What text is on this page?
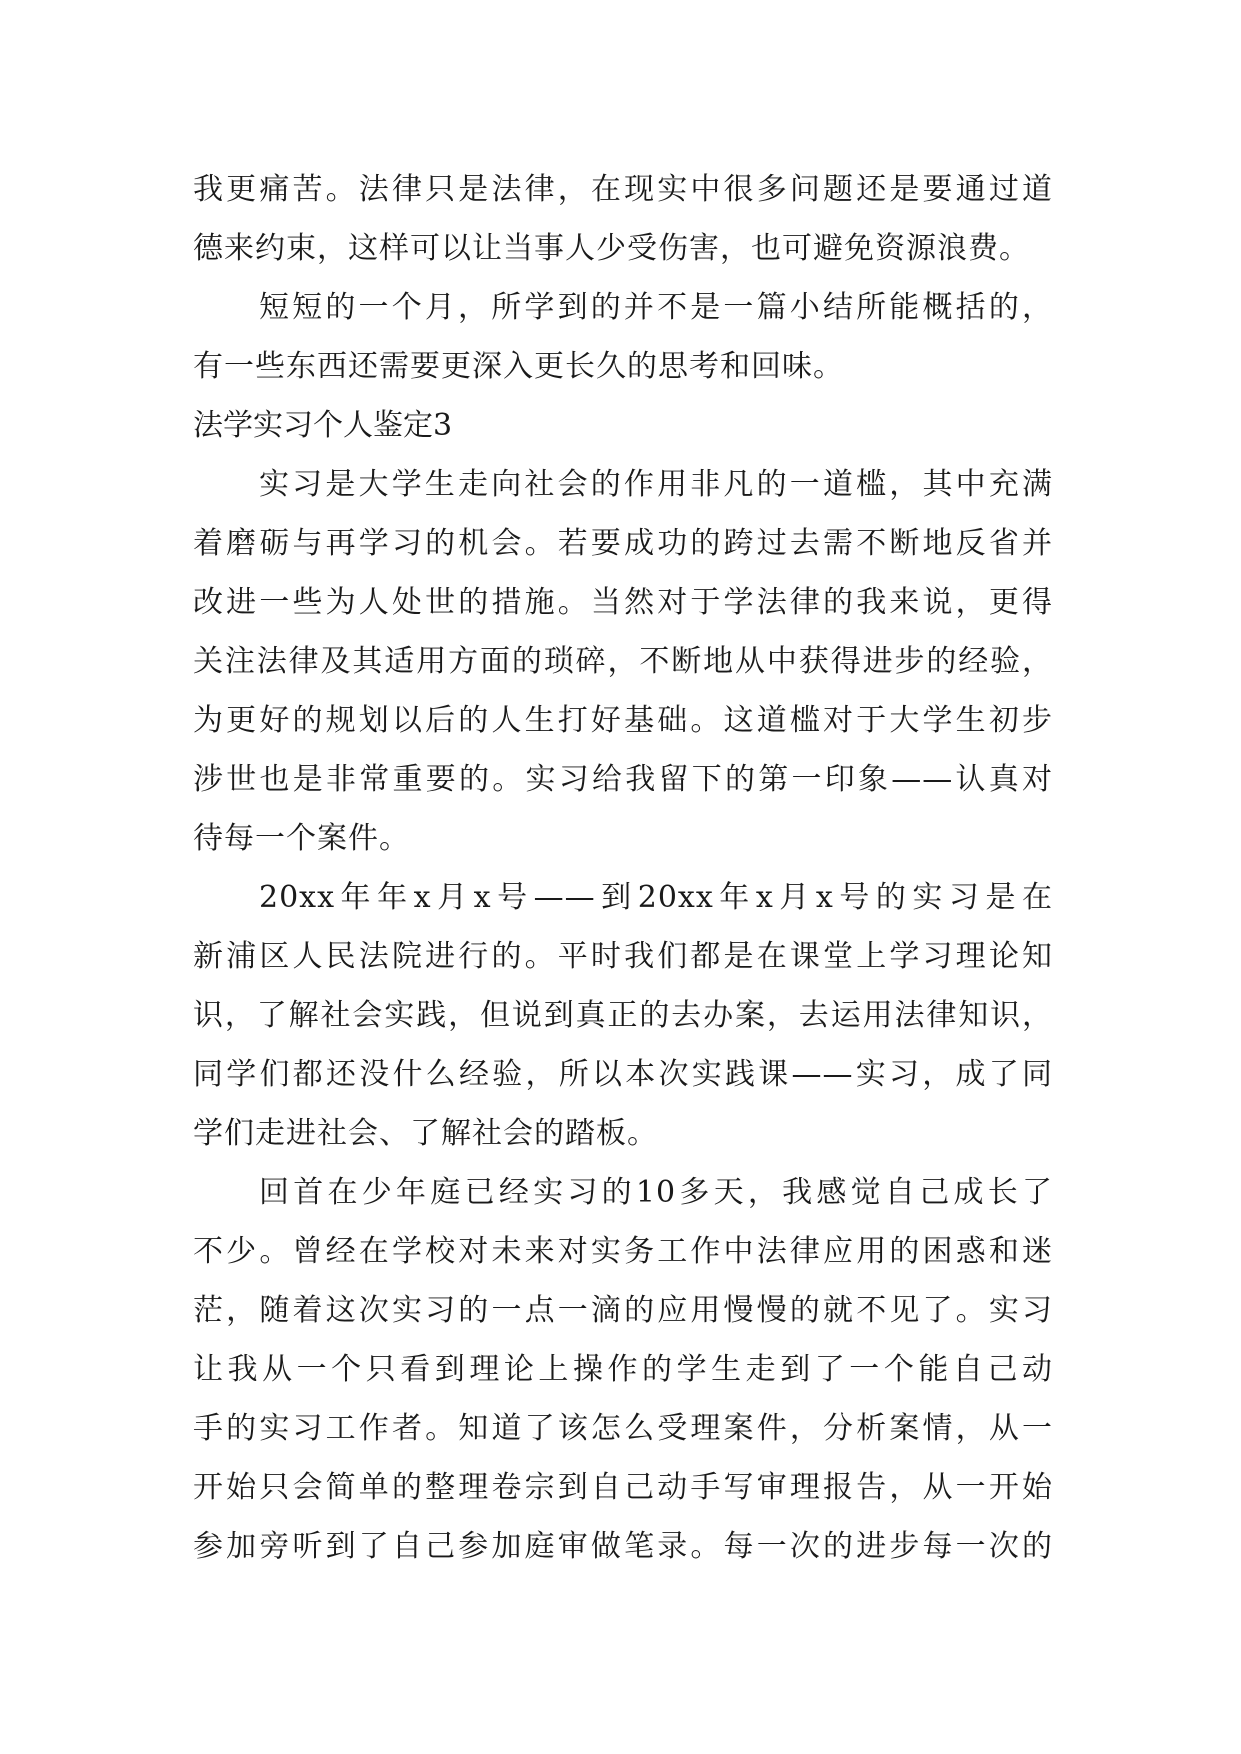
我更痛苦。法律只是法律，在现实中很多问题还是要通过道
德来约束，这样可以让当事人少受伤害，也可避免资源浪费。
短短的一个月，所学到的并不是一篇小结所能概括的，
有一些东西还需要更深入更长久的思考和回味。
法学实习个人鉴定3
实习是大学生走向社会的作用非凡的一道槛，其中充满
着磨砺与再学习的机会。若要成功的跨过去需不断地反省并
改进一些为人处世的措施。当然对于学法律的我来说，更得
关注法律及其适用方面的琐碎，不断地从中获得进步的经验，
为更好的规划以后的人生打好基础。这道槛对于大学生初步
涉世也是非常重要的。实习给我留下的第一印象——认真对
待每一个案件。
20xx年年x月x号——到20xx年x月x号的实习是在
新浦区人民法院进行的。平时我们都是在课堂上学习理论知
识，了解社会实践，但说到真正的去办案，去运用法律知识，
同学们都还没什么经验，所以本次实践课——实习，成了同
学们走进社会、了解社会的踏板。
回首在少年庭已经实习的10多天，我感觉自己成长了
不少。曾经在学校对未来对实务工作中法律应用的困惑和迷
茫，随着这次实习的一点一滴的应用慢慢的就不见了。实习
让我从一个只看到理论上操作的学生走到了一个能自己动
手的实习工作者。知道了该怎么受理案件，分析案情，从一
开始只会简单的整理卷宗到自己动手写审理报告，从一开始
参加旁听到了自己参加庭审做笔录。每一次的进步每一次的
